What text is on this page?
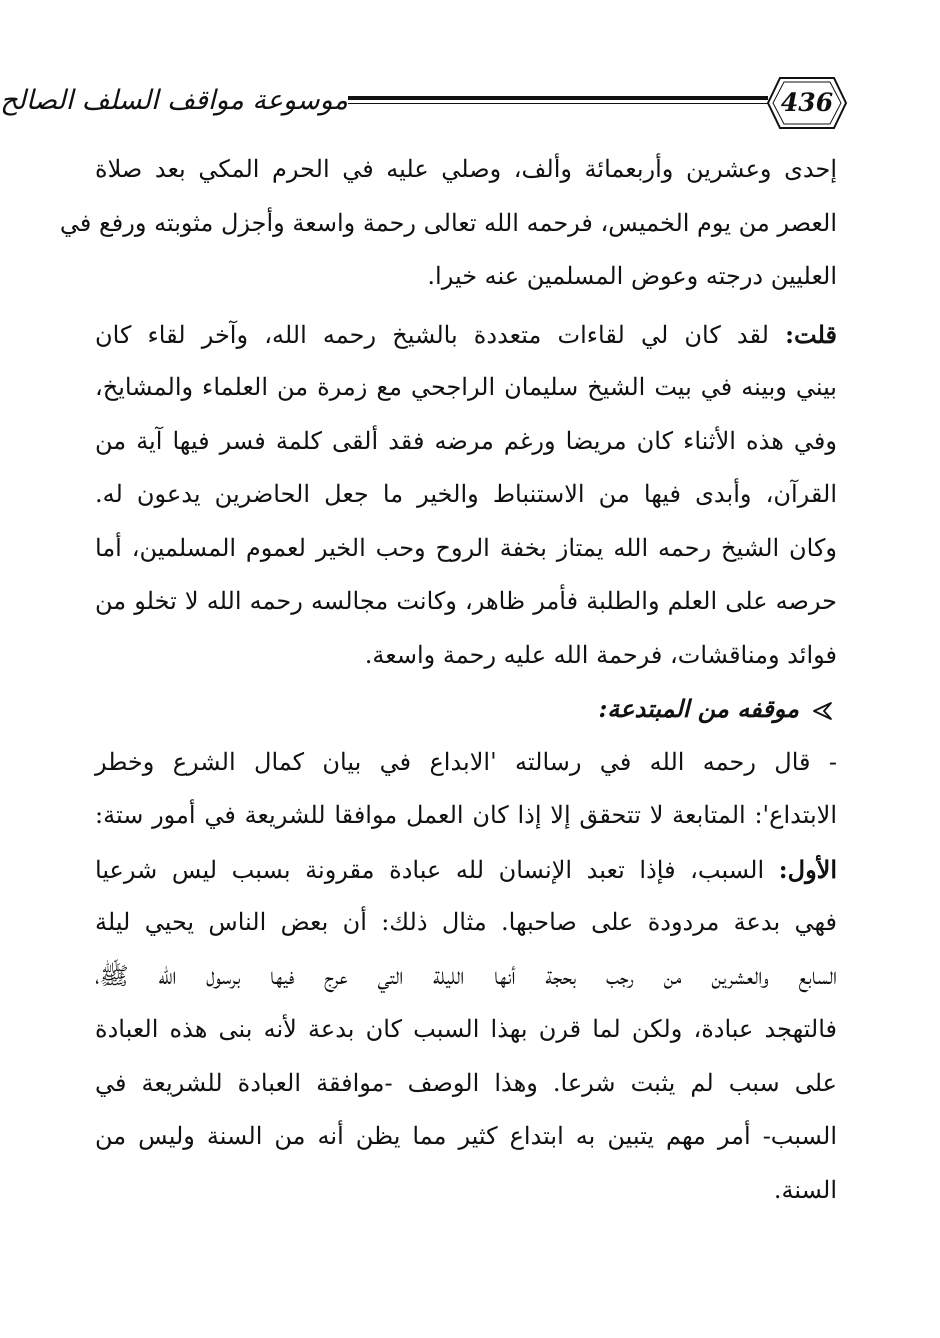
موسوعة مواقف السلف الصالح	436
إحدى وعشرين وأربعمائة وألف، وصلي عليه في الحرم المكي بعد صلاة
العصر من يوم الخميس، فرحمه الله تعالى رحمة واسعة وأجزل مثوبته ورفع في
العليين درجته وعوض المسلمين عنه خيرا.
قلت: لقد كان لي لقاءات متعددة بالشيخ رحمه الله، وآخر لقاء كان
بيني وبينه في بيت الشيخ سليمان الراجحي مع زمرة من العلماء والمشايخ،
وفي هذه الأثناء كان مريضا ورغم مرضه فقد ألقى كلمة فسر فيها آية من
القرآن، وأبدى فيها من الاستنباط والخير ما جعل الحاضرين يدعون له.
وكان الشيخ رحمه الله يمتاز بخفة الروح وحب الخير لعموم المسلمين، أما
حرصه على العلم والطلبة فأمر ظاهر، وكانت مجالسه رحمه الله لا تخلو من
فوائد ومناقشات، فرحمة الله عليه رحمة واسعة.
موقفه من المبتدعة:
- قال رحمه الله في رسالته 'الابداع في بيان كمال الشرع وخطر
الابتداع': المتابعة لا تتحقق إلا إذا كان العمل موافقا للشريعة في أمور ستة:
الأول: السبب، فإذا تعبد الإنسان لله عبادة مقرونة بسبب ليس شرعيا
فهي بدعة مردودة على صاحبها. مثال ذلك: أن بعض الناس يحيي ليلة
السابع والعشرين من رجب بحجة أنها الليلة التي عرج فيها برسول الله ﷺ،
فالتهجد عبادة، ولكن لما قرن بهذا السبب كان بدعة لأنه بنى هذه العبادة
على سبب لم يثبت شرعا. وهذا الوصف -موافقة العبادة للشريعة في
السبب- أمر مهم يتبين به ابتداع كثير مما يظن أنه من السنة وليس من
السنة.
